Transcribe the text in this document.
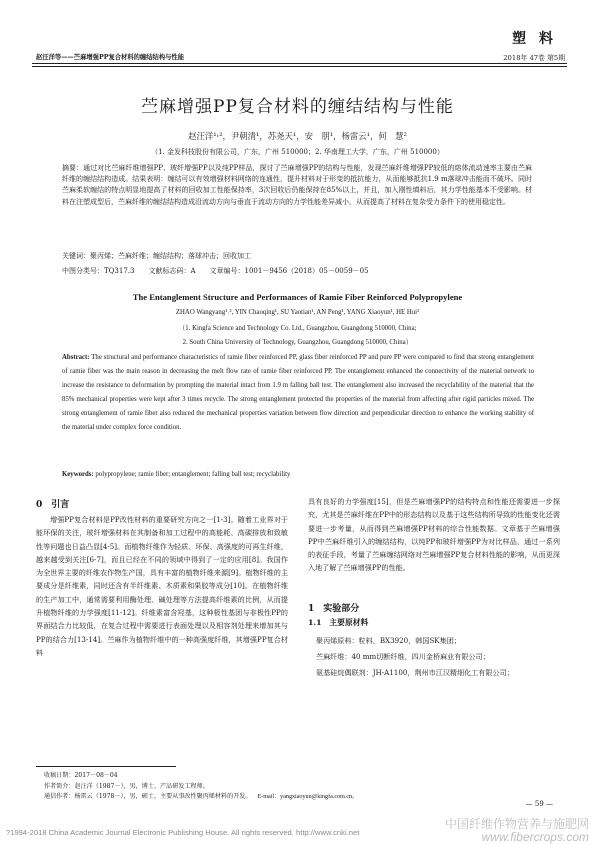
塑 料
赵汪洋等——苎麻增强PP复合材料的缠结结构与性能	2018年 47卷 第5期
苎麻增强PP复合材料的缠结结构与性能
赵汪洋¹˒²，尹朝清¹，苏尧天¹，安　朋¹，杨雷云¹，何　慧²
（1. 金发科技股份有限公司，广东，广州 510000；2. 华南理工大学，广东，广州 510000）
摘要：通过对比苎麻纤维增强PP、玻纤增强PP以及纯PP样品，探讨了苎麻增强PP的结构与性能，发现苎麻纤维增强PP较低的熔体流动速率主要由苎麻纤维的缠结结构造成。结果表明：缠结可以有效增强材料网络的连通性，提升材料对于形变的抵抗能力，从而能够抵抗1.9 m落球冲击能而不破坏。同时苎麻柔软缠结的特点明显地提高了材料的回收加工性能保持率，3次回收后仍能保持在85%以上，并且，加入刚性填料后，其力学性能基本不受影响。材料在注塑成型后，苎麻纤维的缠结结构造成沿流动方向与垂直于流动方向的力学性能差异减小，从而提高了材料在复杂受力条件下的使用稳定性。
关键词：聚丙烯；苎麻纤维；缠结结构；落球冲击；回收加工
中图分类号：TQ317.3　　文献标志码：A　　文章编号：1001－9456（2018）05－0059－05
The Entanglement Structure and Performances of Ramie Fiber Reinforced Polypropylene
ZHAO Wangyang¹˒², YIN Chaoqing¹, SU Yaotian¹, AN Peng¹, YANG Xiaoyun¹, HE Hui²
（1. Kingfa Science and Technology Co. Ltd., Guangzhou, Guangdong 510000, China;
2. South China University of Technology, Guangzhou, Guangdong 510000, China）
Abstract: The structural and performance characteristics of ramie fiber reinforced PP, glass fiber reinforced PP and pure PP were compared to find that strong entanglement of ramie fiber was the main reason in decreasing the melt flow rate of ramie fiber reinforced PP. The entanglement enhanced the connectivity of the material network to increase the resistance to deformation by prompting the material intact from 1.9 m falling ball test. The entanglement also increased the recyclability of the material that the 85% mechanical properties were kept after 3 times recycle. The strong entanglement protected the properties of the material from affecting after rigid particles mixed. The strong entanglement of ramie fiber also reduced the mechanical properties variation between flow direction and perpendicular direction to enhance the working stability of the material under complex force condition.
Keywords: polypropylene; ramie fiber; entanglement; falling ball test; recyclability
0　引言

增强PP复合材料是PP改性材料的重要研究方向之一[1-3]。随着工业界对于能环保的关注，玻纤增强材料在其制备和加工过程中的高能耗、高碳排放和致敏性等问题也日益凸显[4-5]。而植物纤维作为轻质、环保、高强度的可再生纤维，越来越受到关注[6-7]，而且已经在不同的领域中得到了一定的应用[8]。我国作为全世界主要的纤维农作物生产国，具有丰富的植物纤维来源[9]。植物纤维的主要成分是纤维素，同时还含有半纤维素、木质素和果胶等成分[10]。在植物纤维的生产加工中，通常需要利用酶处理、碱处理等方法提高纤维素的比例，从而提升植物纤维的力学强度[11-12]。纤维素富含羟基，这种极性基团与非极性PP的界面结合力比较低，在复合过程中需要进行表面处理以及相容剂处理来增加其与PP的结合力[13-14]。苎麻作为植物纤维中的一种高强度纤维，其增强PP复合材料

具有良好的力学强度[15]，但是苎麻增强PP的结构特点和性能还需要进一步探究，尤其是苎麻纤维在PP中的形态结构以及基于这些结构所导致的性能变化还需要进一步考量，从而得到苎麻增强PP材料的综合性能数据。文章基于苎麻增强PP中苎麻纤维引入的缠结结构，以纯PP和玻纤增强PP为对比样品，通过一系列的表征手段，考量了苎麻缠结网络对苎麻增强PP复合材料性能的影响，从而更深入地了解了苎麻增强PP的性能。

1　实验部分
1.1　主要原材料
聚丙烯原料：粒料，BX3920，韩国SK集团；
苎麻纤维：40 mm切断纤维，四川金桥麻业有限公司；
氨基硅烷偶联剂：JH-A1100，荆州市江汉精细化工有限公司；
收稿日期：2017－08－04
作者简介：赵汪洋（1987－），男，博士，产品研发工程师。
通信作者：杨雷云（1978－），男，硕士，主要从事改性聚丙烯材料的开发。 E-mail：yangxiaoyun@kingfa.com.cn。
— 59 —
?1994-2018 China Academic Journal Electronic Publishing House. All rights reserved. http://www.cnki.net
中国纤维作物营养与施肥网
www.fibercrops.com
